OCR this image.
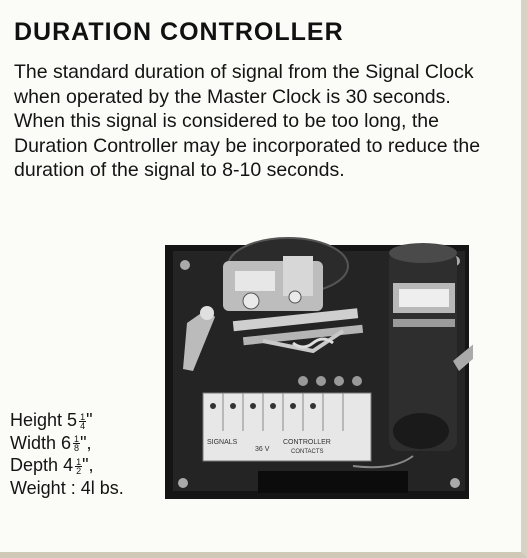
DURATION CONTROLLER

The standard duration of signal from the Signal Clock when operated by the Master Clock is 30 seconds. When this signal is considered to be too long, the Duration Controller may be incorporated to reduce the duration of the signal to 8-10 seconds.

SIGNALS
36 V
CONTROLLER
CONTACTS
Height $5 \frac{1}{4}$ "
Width $6 \frac{1}{8}$ ",
Depth $4 \frac{1}{2}$ ",
Weight : 4l bs.
